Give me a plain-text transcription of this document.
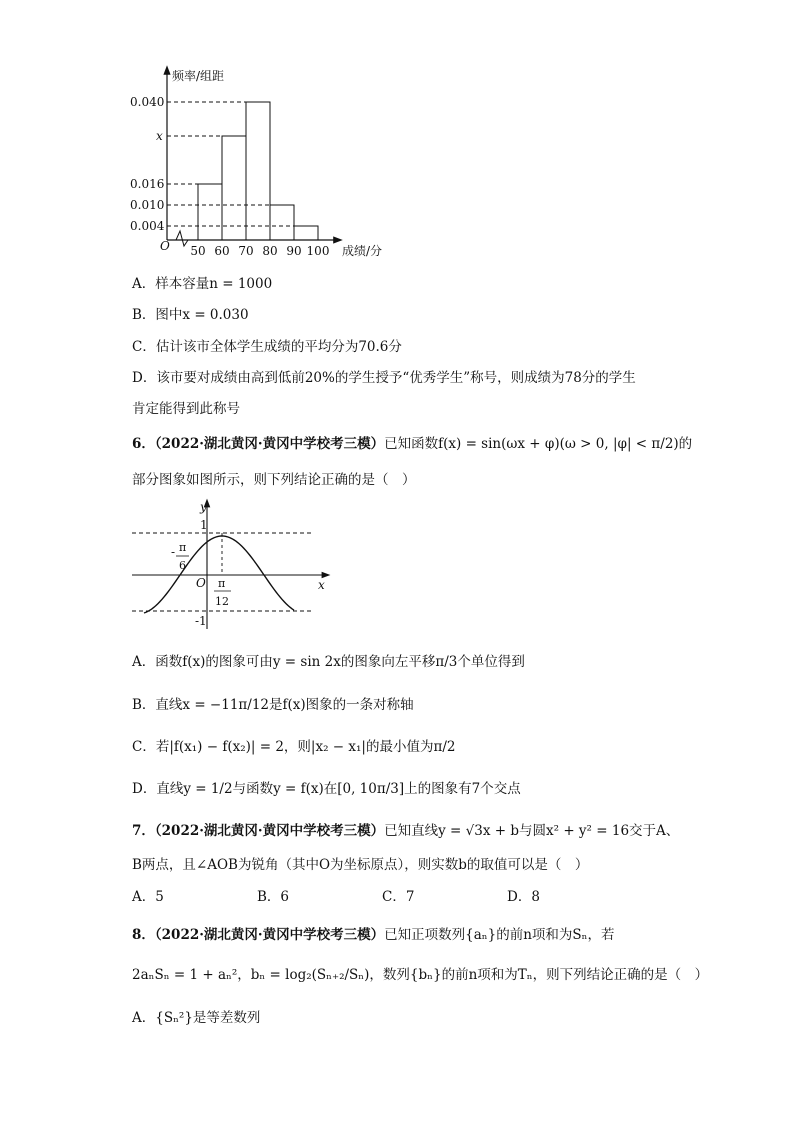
频率/组距
成绩/分
O
0.040
x
0.016
0.010
0.004
50 60 70 80 90 100
A．样本容量n = 1000
B．图中x = 0.030
C．估计该市全体学生成绩的平均分为70.6分
D．该市要对成绩由高到低前20%的学生授予“优秀学生”称号，则成绩为78分的学生
肯定能得到此称号
6．（2022·湖北黄冈·黄冈中学校考三模）已知函数f(x) = sin(ωx + φ)(ω > 0, |φ| < π/2)的
部分图象如图所示，则下列结论正确的是（　）
y
x
O
1
-1
- π
6
π
12
A．函数f(x)的图象可由y = sin 2x的图象向左平移π/3个单位得到
B．直线x = −11π/12是f(x)图象的一条对称轴
C．若|f(x₁) − f(x₂)| = 2，则|x₂ − x₁|的最小值为π/2
D．直线y = 1/2与函数y = f(x)在[0, 10π/3]上的图象有7个交点
7．（2022·湖北黄冈·黄冈中学校考三模）已知直线y = √3x + b与圆x² + y² = 16交于A、
B两点，且∠AOB为锐角（其中O为坐标原点），则实数b的取值可以是（　）
A．5	B．6	C．7	D．8
8．（2022·湖北黄冈·黄冈中学校考三模）已知正项数列{aₙ}的前n项和为Sₙ，若
2aₙSₙ = 1 + aₙ²，bₙ = log₂(Sₙ₊₂/Sₙ)，数列{bₙ}的前n项和为Tₙ，则下列结论正确的是（　）
A．{Sₙ²}是等差数列
